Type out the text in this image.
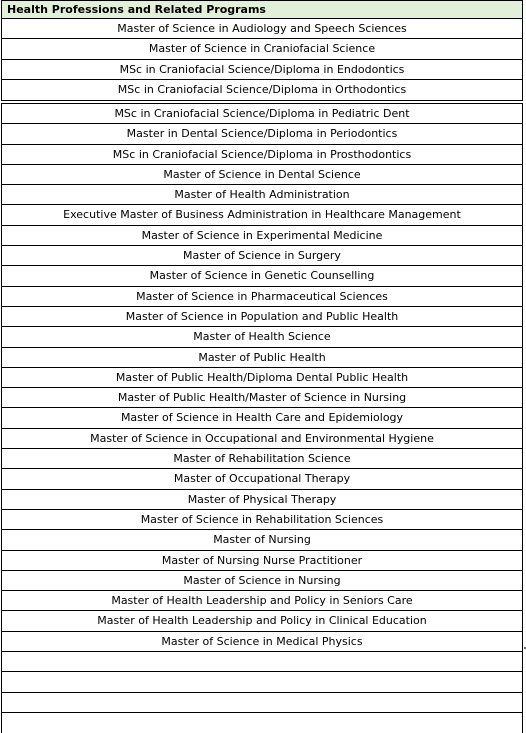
Health Professions and Related Programs
Master of Science in Audiology and Speech Sciences
Master of Science in Craniofacial Science
MSc in Craniofacial Science/Diploma in Endodontics
MSc in Craniofacial Science/Diploma in Orthodontics
MSc in Craniofacial Science/Diploma in Pediatric Dent
Master in Dental Science/Diploma in Periodontics
MSc in Craniofacial Science/Diploma in Prosthodontics
Master of Science in Dental Science
Master of Health Administration
Executive Master of Business Administration in Healthcare Management
Master of Science in Experimental Medicine
Master of Science in Surgery
Master of Science in Genetic Counselling
Master of Science in Pharmaceutical Sciences
Master of Science in Population and Public Health
Master of Health Science
Master of Public Health
Master of Public Health/Diploma Dental Public Health
Master of Public Health/Master of Science in Nursing
Master of Science in Health Care and Epidemiology
Master of Science in Occupational and Environmental Hygiene
Master of Rehabilitation Science
Master of Occupational Therapy
Master of Physical Therapy
Master of Science in Rehabilitation Sciences
Master of Nursing
Master of Nursing Nurse Practitioner
Master of Science in Nursing
Master of Health Leadership and Policy in Seniors Care
Master of Health Leadership and Policy in Clinical Education
Master of Science in Medical Physics
